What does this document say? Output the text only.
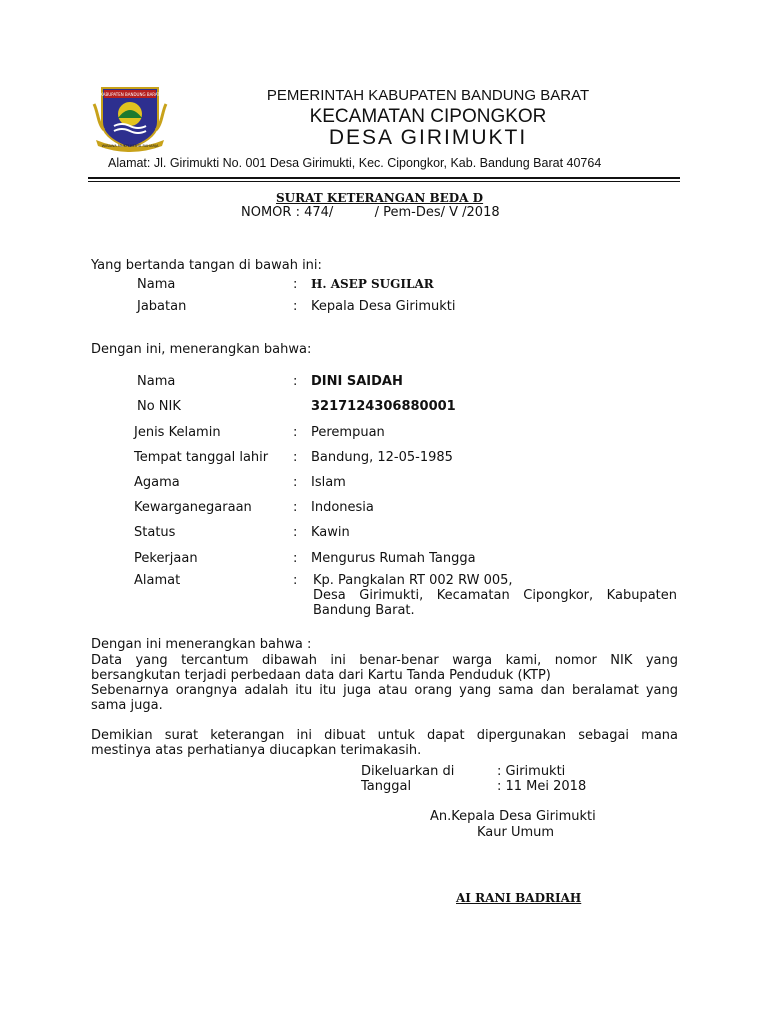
KABUPATEN BANDUNG BARAT
WIBAWA MUKTI KERTA RAHARJA
PEMERINTAH KABUPATEN BANDUNG BARAT
KECAMATAN CIPONGKOR
DESA GIRIMUKTI
Alamat: Jl. Girimukti No. 001 Desa Girimukti, Kec. Cipongkor, Kab. Bandung Barat 40764
SURAT KETERANGAN BEDA D
NOMOR : 474/          / Pem-Des/ V /2018
Yang bertanda tangan di bawah ini:
Nama	: H. ASEP SUGILAR
Jabatan	: Kepala Desa Girimukti
Dengan ini, menerangkan bahwa:
Nama	: DINI SAIDAH
No NIK	3217124306880001
Jenis Kelamin	: Perempuan
Tempat tanggal lahir : Bandung, 12-05-1985
Agama	: Islam
Kewarganegaraan	: Indonesia
Status	: Kawin
Pekerjaan	: Mengurus Rumah Tangga
Alamat	: Kp. Pangkalan RT 002 RW 005,
Desa Girimukti, Kecamatan Cipongkor, Kabupaten
Bandung Barat.
Dengan ini menerangkan bahwa :
Data yang tercantum dibawah ini benar-benar warga kami, nomor NIK yang
bersangkutan terjadi perbedaan data dari Kartu Tanda Penduduk (KTP)
Sebenarnya orangnya adalah itu itu juga atau orang yang sama dan beralamat yang
sama juga.
Demikian surat keterangan ini dibuat untuk dapat dipergunakan sebagai mana
mestinya atas perhatianya diucapkan terimakasih.
Dikeluarkan di	: Girimukti
Tanggal	: 11 Mei 2018
An.Kepala Desa Girimukti
Kaur Umum
AI RANI BADRIAH
